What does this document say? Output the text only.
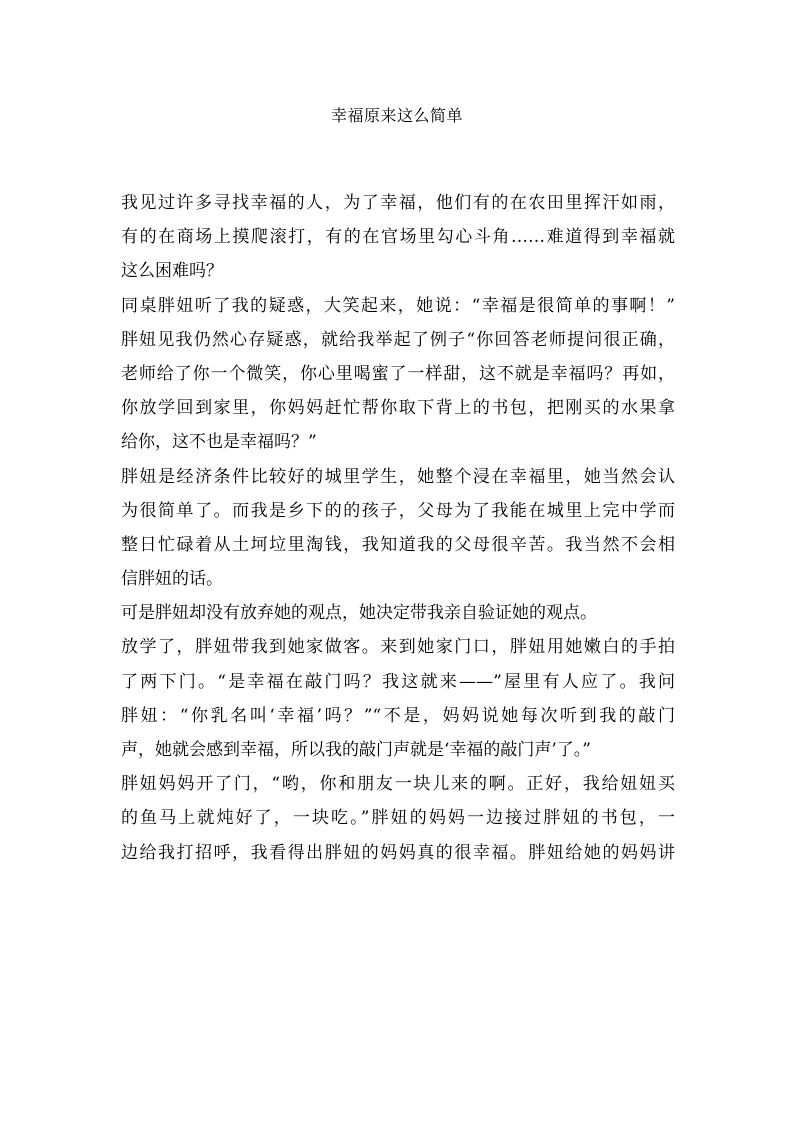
幸福原来这么简单
我见过许多寻找幸福的人，为了幸福，他们有的在农田里挥汗如雨，
有的在商场上摸爬滚打，有的在官场里勾心斗角……难道得到幸福就
这么困难吗？
同桌胖妞听了我的疑惑，大笑起来，她说：“幸福是很简单的事啊！”
胖妞见我仍然心存疑惑，就给我举起了例子“你回答老师提问很正确，
老师给了你一个微笑，你心里喝蜜了一样甜，这不就是幸福吗？再如，
你放学回到家里，你妈妈赶忙帮你取下背上的书包，把刚买的水果拿
给你，这不也是幸福吗？”
胖妞是经济条件比较好的城里学生，她整个浸在幸福里，她当然会认
为很简单了。而我是乡下的的孩子，父母为了我能在城里上完中学而
整日忙碌着从土坷垃里淘钱，我知道我的父母很辛苦。我当然不会相
信胖妞的话。
可是胖妞却没有放弃她的观点，她决定带我亲自验证她的观点。
放学了，胖妞带我到她家做客。来到她家门口，胖妞用她嫩白的手拍
了两下门。“是幸福在敲门吗？我这就来——”屋里有人应了。我问
胖妞：“你乳名叫‘幸福’吗？”“不是，妈妈说她每次听到我的敲门
声，她就会感到幸福，所以我的敲门声就是‘幸福的敲门声’了。”
胖妞妈妈开了门，“哟，你和朋友一块儿来的啊。正好，我给妞妞买
的鱼马上就炖好了，一块吃。”胖妞的妈妈一边接过胖妞的书包，一
边给我打招呼，我看得出胖妞的妈妈真的很幸福。胖妞给她的妈妈讲
